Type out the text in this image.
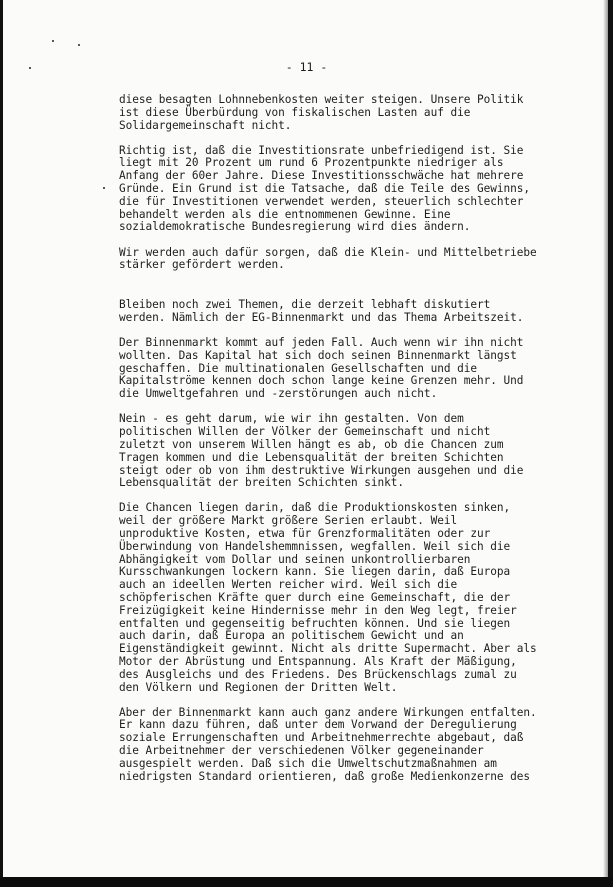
- 11 -

diese besagten Lohnnebenkosten weiter steigen. Unsere Politik
ist diese Überbürdung von fiskalischen Lasten auf die
Solidargemeinschaft nicht.

Richtig ist, daß die Investitionsrate unbefriedigend ist. Sie
liegt mit 20 Prozent um rund 6 Prozentpunkte niedriger als
Anfang der 60er Jahre. Diese Investitionsschwäche hat mehrere
Gründe. Ein Grund ist die Tatsache, daß die Teile des Gewinns,
die für Investitionen verwendet werden, steuerlich schlechter
behandelt werden als die entnommenen Gewinne. Eine
sozialdemokratische Bundesregierung wird dies ändern.

Wir werden auch dafür sorgen, daß die Klein- und Mittelbetriebe
stärker gefördert werden.

Bleiben noch zwei Themen, die derzeit lebhaft diskutiert
werden. Nämlich der EG-Binnenmarkt und das Thema Arbeitszeit.

Der Binnenmarkt kommt auf jeden Fall. Auch wenn wir ihn nicht
wollten. Das Kapital hat sich doch seinen Binnenmarkt längst
geschaffen. Die multinationalen Gesellschaften und die
Kapitalströme kennen doch schon lange keine Grenzen mehr. Und
die Umweltgefahren und -zerstörungen auch nicht.

Nein - es geht darum, wie wir ihn gestalten. Von dem
politischen Willen der Völker der Gemeinschaft und nicht
zuletzt von unserem Willen hängt es ab, ob die Chancen zum
Tragen kommen und die Lebensqualität der breiten Schichten
steigt oder ob von ihm destruktive Wirkungen ausgehen und die
Lebensqualität der breiten Schichten sinkt.

Die Chancen liegen darin, daß die Produktionskosten sinken,
weil der größere Markt größere Serien erlaubt. Weil
unproduktive Kosten, etwa für Grenzformalitäten oder zur
Überwindung von Handelshemmnissen, wegfallen. Weil sich die
Abhängigkeit vom Dollar und seinen unkontrollierbaren
Kursschwankungen lockern kann. Sie liegen darin, daß Europa
auch an ideellen Werten reicher wird. Weil sich die
schöpferischen Kräfte quer durch eine Gemeinschaft, die der
Freizügigkeit keine Hindernisse mehr in den Weg legt, freier
entfalten und gegenseitig befruchten können. Und sie liegen
auch darin, daß Europa an politischem Gewicht und an
Eigenständigkeit gewinnt. Nicht als dritte Supermacht. Aber als
Motor der Abrüstung und Entspannung. Als Kraft der Mäßigung,
des Ausgleichs und des Friedens. Des Brückenschlags zumal zu
den Völkern und Regionen der Dritten Welt.

Aber der Binnenmarkt kann auch ganz andere Wirkungen entfalten.
Er kann dazu führen, daß unter dem Vorwand der Deregulierung
soziale Errungenschaften und Arbeitnehmerrechte abgebaut, daß
die Arbeitnehmer der verschiedenen Völker gegeneinander
ausgespielt werden. Daß sich die Umweltschutzmaßnahmen am
niedrigsten Standard orientieren, daß große Medienkonzerne des
